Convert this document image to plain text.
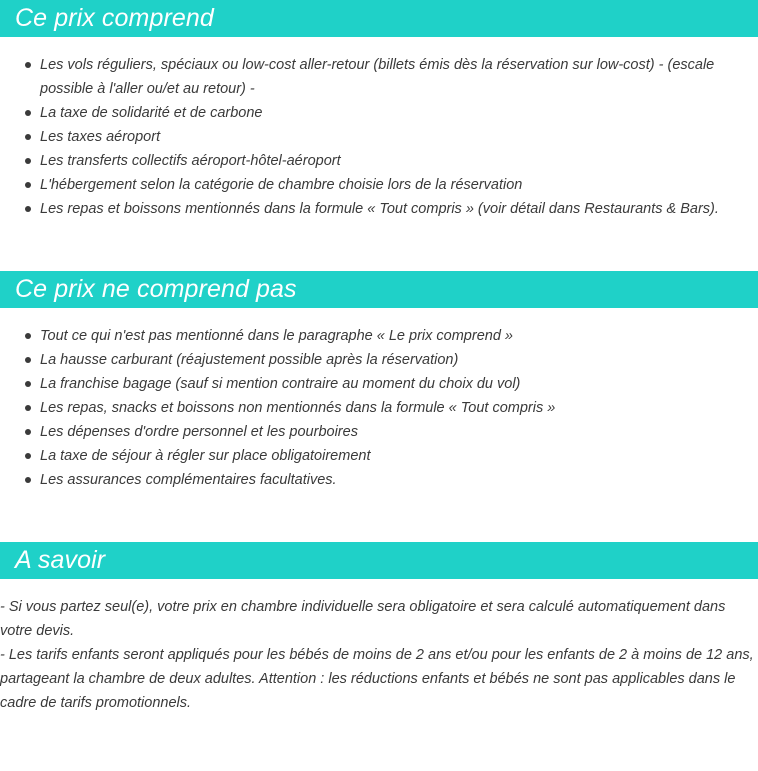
Ce prix comprend
Les vols réguliers, spéciaux ou low-cost aller-retour (billets émis dès la réservation sur low-cost) - (escale possible à l'aller ou/et au retour) -
La taxe de solidarité et de carbone
Les taxes aéroport
Les transferts collectifs aéroport-hôtel-aéroport
L'hébergement selon la catégorie de chambre choisie lors de la réservation
Les repas et boissons mentionnés dans la formule « Tout compris » (voir détail dans Restaurants & Bars).
Ce prix ne comprend pas
Tout ce qui n'est pas mentionné dans le paragraphe « Le prix comprend »
La hausse carburant (réajustement possible après la réservation)
La franchise bagage (sauf si mention contraire au moment du choix du vol)
Les repas, snacks et boissons non mentionnés dans la formule « Tout compris »
Les dépenses d'ordre personnel et les pourboires
La taxe de séjour à régler sur place obligatoirement
Les assurances complémentaires facultatives.
A savoir

- Si vous partez seul(e), votre prix en chambre individuelle sera obligatoire et sera calculé automatiquement dans votre devis.

- Les tarifs enfants seront appliqués pour les bébés de moins de 2 ans et/ou pour les enfants de 2 à moins de 12 ans, partageant la chambre de deux adultes. Attention : les réductions enfants et bébés ne sont pas applicables dans le cadre de tarifs promotionnels.
